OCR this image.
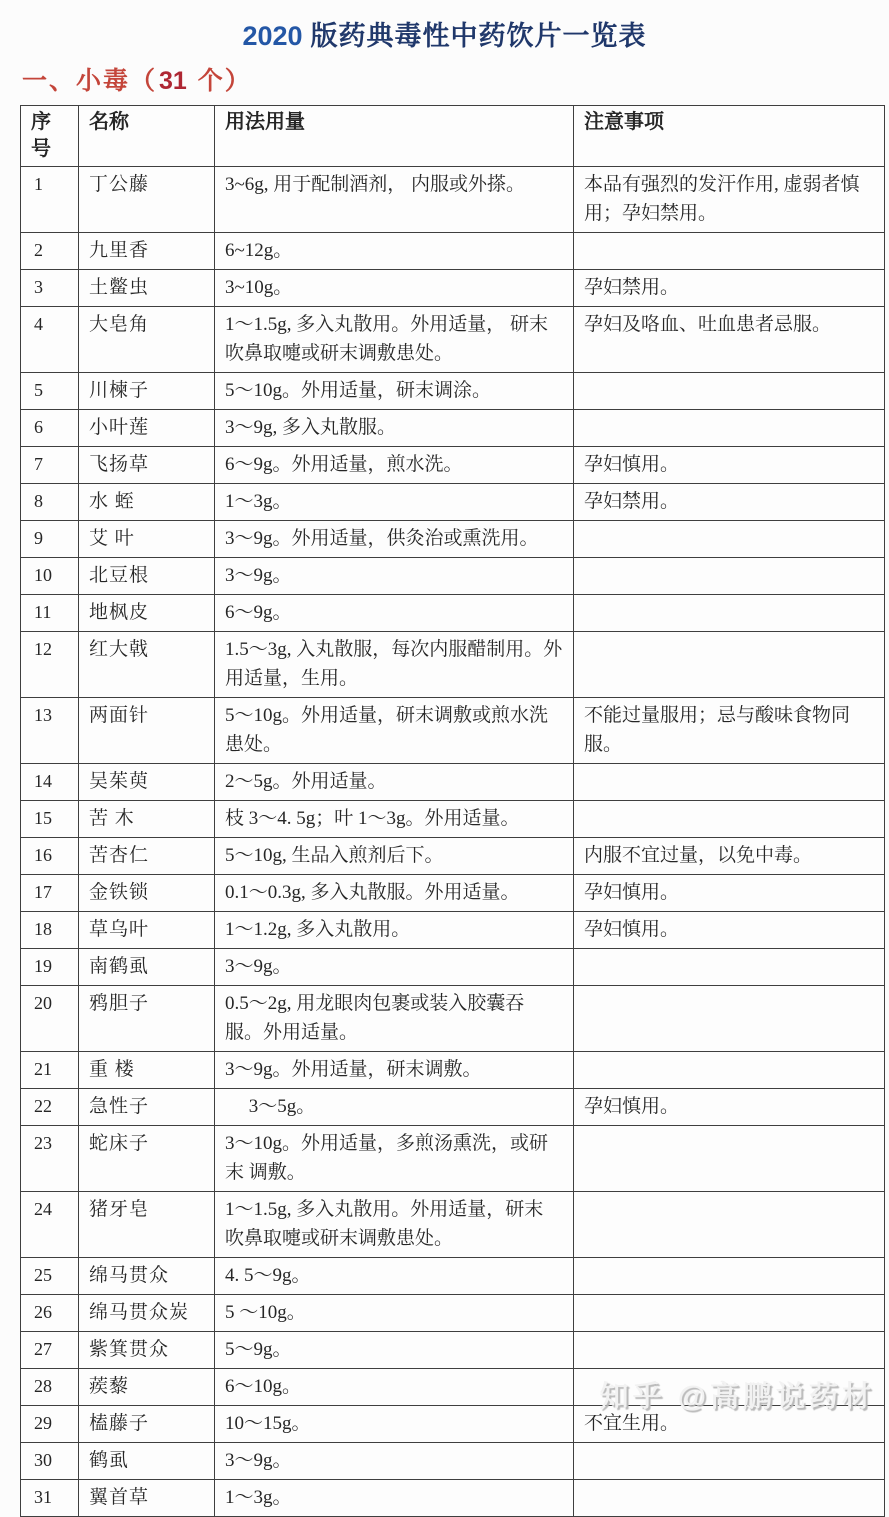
2020 版药典毒性中药饮片一览表
一、小毒（31 个）
序号	名称	用法用量	注意事项
1	丁公藤	3~6g, 用于配制酒剂， 内服或外搽。	本品有强烈的发汗作用, 虚弱者慎用；孕妇禁用。
2	九里香	6~12g。	
3	土鳖虫	3~10g。	孕妇禁用。
4	大皂角	1～1.5g, 多入丸散用。外用适量， 研末 吹鼻取嚏或研末调敷患处。	孕妇及咯血、吐血患者忌服。
5	川楝子	5～10g。外用适量，研末调涂。	
6	小叶莲	3～9g, 多入丸散服。	
7	飞扬草	6～9g。外用适量，煎水洗。	孕妇慎用。
8	水 蛭	1～3g。	孕妇禁用。
9	艾 叶	3～9g。外用适量，供灸治或熏洗用。	
10	北豆根	3～9g。	
11	地枫皮	6～9g。	
12	红大戟	1.5～3g, 入丸散服，每次内服醋制用。外用适量，生用。	
13	两面针	5～10g。外用适量，研末调敷或煎水洗患处。	不能过量服用；忌与酸味食物同服。
14	吴茱萸	2～5g。外用适量。	
15	苦 木	枝 3～4. 5g；叶 1～3g。外用适量。	
16	苦杏仁	5～10g, 生品入煎剂后下。	内服不宜过量，以免中毒。
17	金铁锁	0.1～0.3g, 多入丸散服。外用适量。	孕妇慎用。
18	草乌叶	1～1.2g, 多入丸散用。	孕妇慎用。
19	南鹤虱	3～9g。	
20	鸦胆子	0.5～2g, 用龙眼肉包裹或装入胶囊吞 服。外用适量。	
21	重 楼	3～9g。外用适量，研末调敷。	
22	急性子	　 3～5g。	孕妇慎用。
23	蛇床子	3～10g。外用适量，多煎汤熏洗，或研末 调敷。	
24	猪牙皂	1～1.5g, 多入丸散用。外用适量，研末 吹鼻取嚏或研末调敷患处。	
25	绵马贯众	4. 5～9g。	
26	绵马贯众炭	5 ～10g。	
27	紫箕贯众	5～9g。	
28	蒺藜	6～10g。	
29	榼藤子	10～15g。	不宜生用。
30	鹤虱	3～9g。	
31	翼首草	1～3g。	
知乎 @高鹏说药材
